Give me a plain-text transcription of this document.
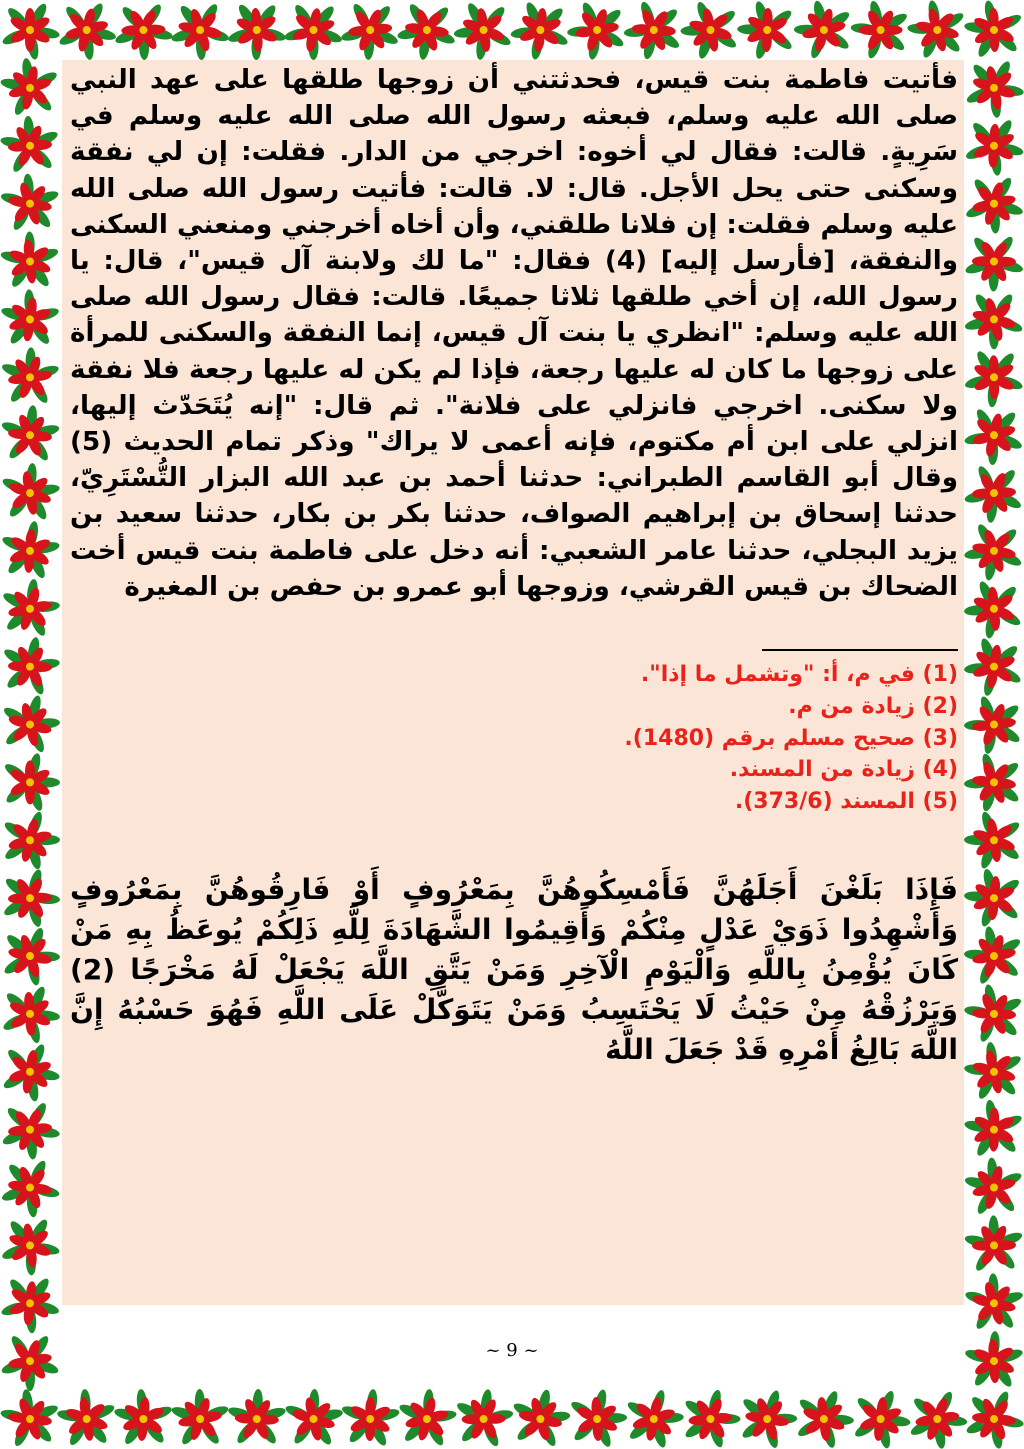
فأتيت فاطمة بنت قيس، فحدثتني أن زوجها طلقها على عهد النبي صلى الله عليه وسلم، فبعثه رسول الله صلى الله عليه وسلم في سَرِيةٍ. قالت: فقال لي أخوه: اخرجي من الدار. فقلت: إن لي نفقة وسكنى حتى يحل الأجل. قال: لا. قالت: فأتيت رسول الله صلى الله عليه وسلم فقلت: إن فلانا طلقني، وأن أخاه أخرجني ومنعني السكنى والنفقة، [فأرسل إليه] (4) فقال: "ما لك ولابنة آل قيس"، قال: يا رسول الله، إن أخي طلقها ثلاثا جميعًا. قالت: فقال رسول الله صلى الله عليه وسلم: "انظري يا بنت آل قيس، إنما النفقة والسكنى للمرأة على زوجها ما كان له عليها رجعة، فإذا لم يكن له عليها رجعة فلا نفقة ولا سكنى. اخرجي فانزلي على فلانة". ثم قال: "إنه يُتَحَدّث إليها، انزلي على ابن أم مكتوم، فإنه أعمى لا يراك" وذكر تمام الحديث (5) وقال أبو القاسم الطبراني: حدثنا أحمد بن عبد الله البزار التُّسْتَرِيّ، حدثنا إسحاق بن إبراهيم الصواف، حدثنا بكر بن بكار، حدثنا سعيد بن يزيد البجلي، حدثنا عامر الشعبي: أنه دخل على فاطمة بنت قيس أخت الضحاك بن قيس القرشي، وزوجها أبو عمرو بن حفص بن المغيرة

(1) في م، أ: "وتشمل ما إذا".
(2) زيادة من م.
(3) صحيح مسلم برقم (1480).
(4) زيادة من المسند.
(5) المسند (373/6).

فَإِذَا بَلَغْنَ أَجَلَهُنَّ فَأَمْسِكُوهُنَّ بِمَعْرُوفٍ أَوْ فَارِقُوهُنَّ بِمَعْرُوفٍ وَأَشْهِدُوا ذَوَيْ عَدْلٍ مِنْكُمْ وَأَقِيمُوا الشَّهَادَةَ لِلَّهِ ذَلِكُمْ يُوعَظُ بِهِ مَنْ كَانَ يُؤْمِنُ بِاللَّهِ وَالْيَوْمِ الْآخِرِ وَمَنْ يَتَّقِ اللَّهَ يَجْعَلْ لَهُ مَخْرَجًا (2) وَيَرْزُقْهُ مِنْ حَيْثُ لَا يَحْتَسِبُ وَمَنْ يَتَوَكَّلْ عَلَى اللَّهِ فَهُوَ حَسْبُهُ إِنَّ اللَّهَ بَالِغُ أَمْرِهِ قَدْ جَعَلَ اللَّهُ

~ 9 ~
